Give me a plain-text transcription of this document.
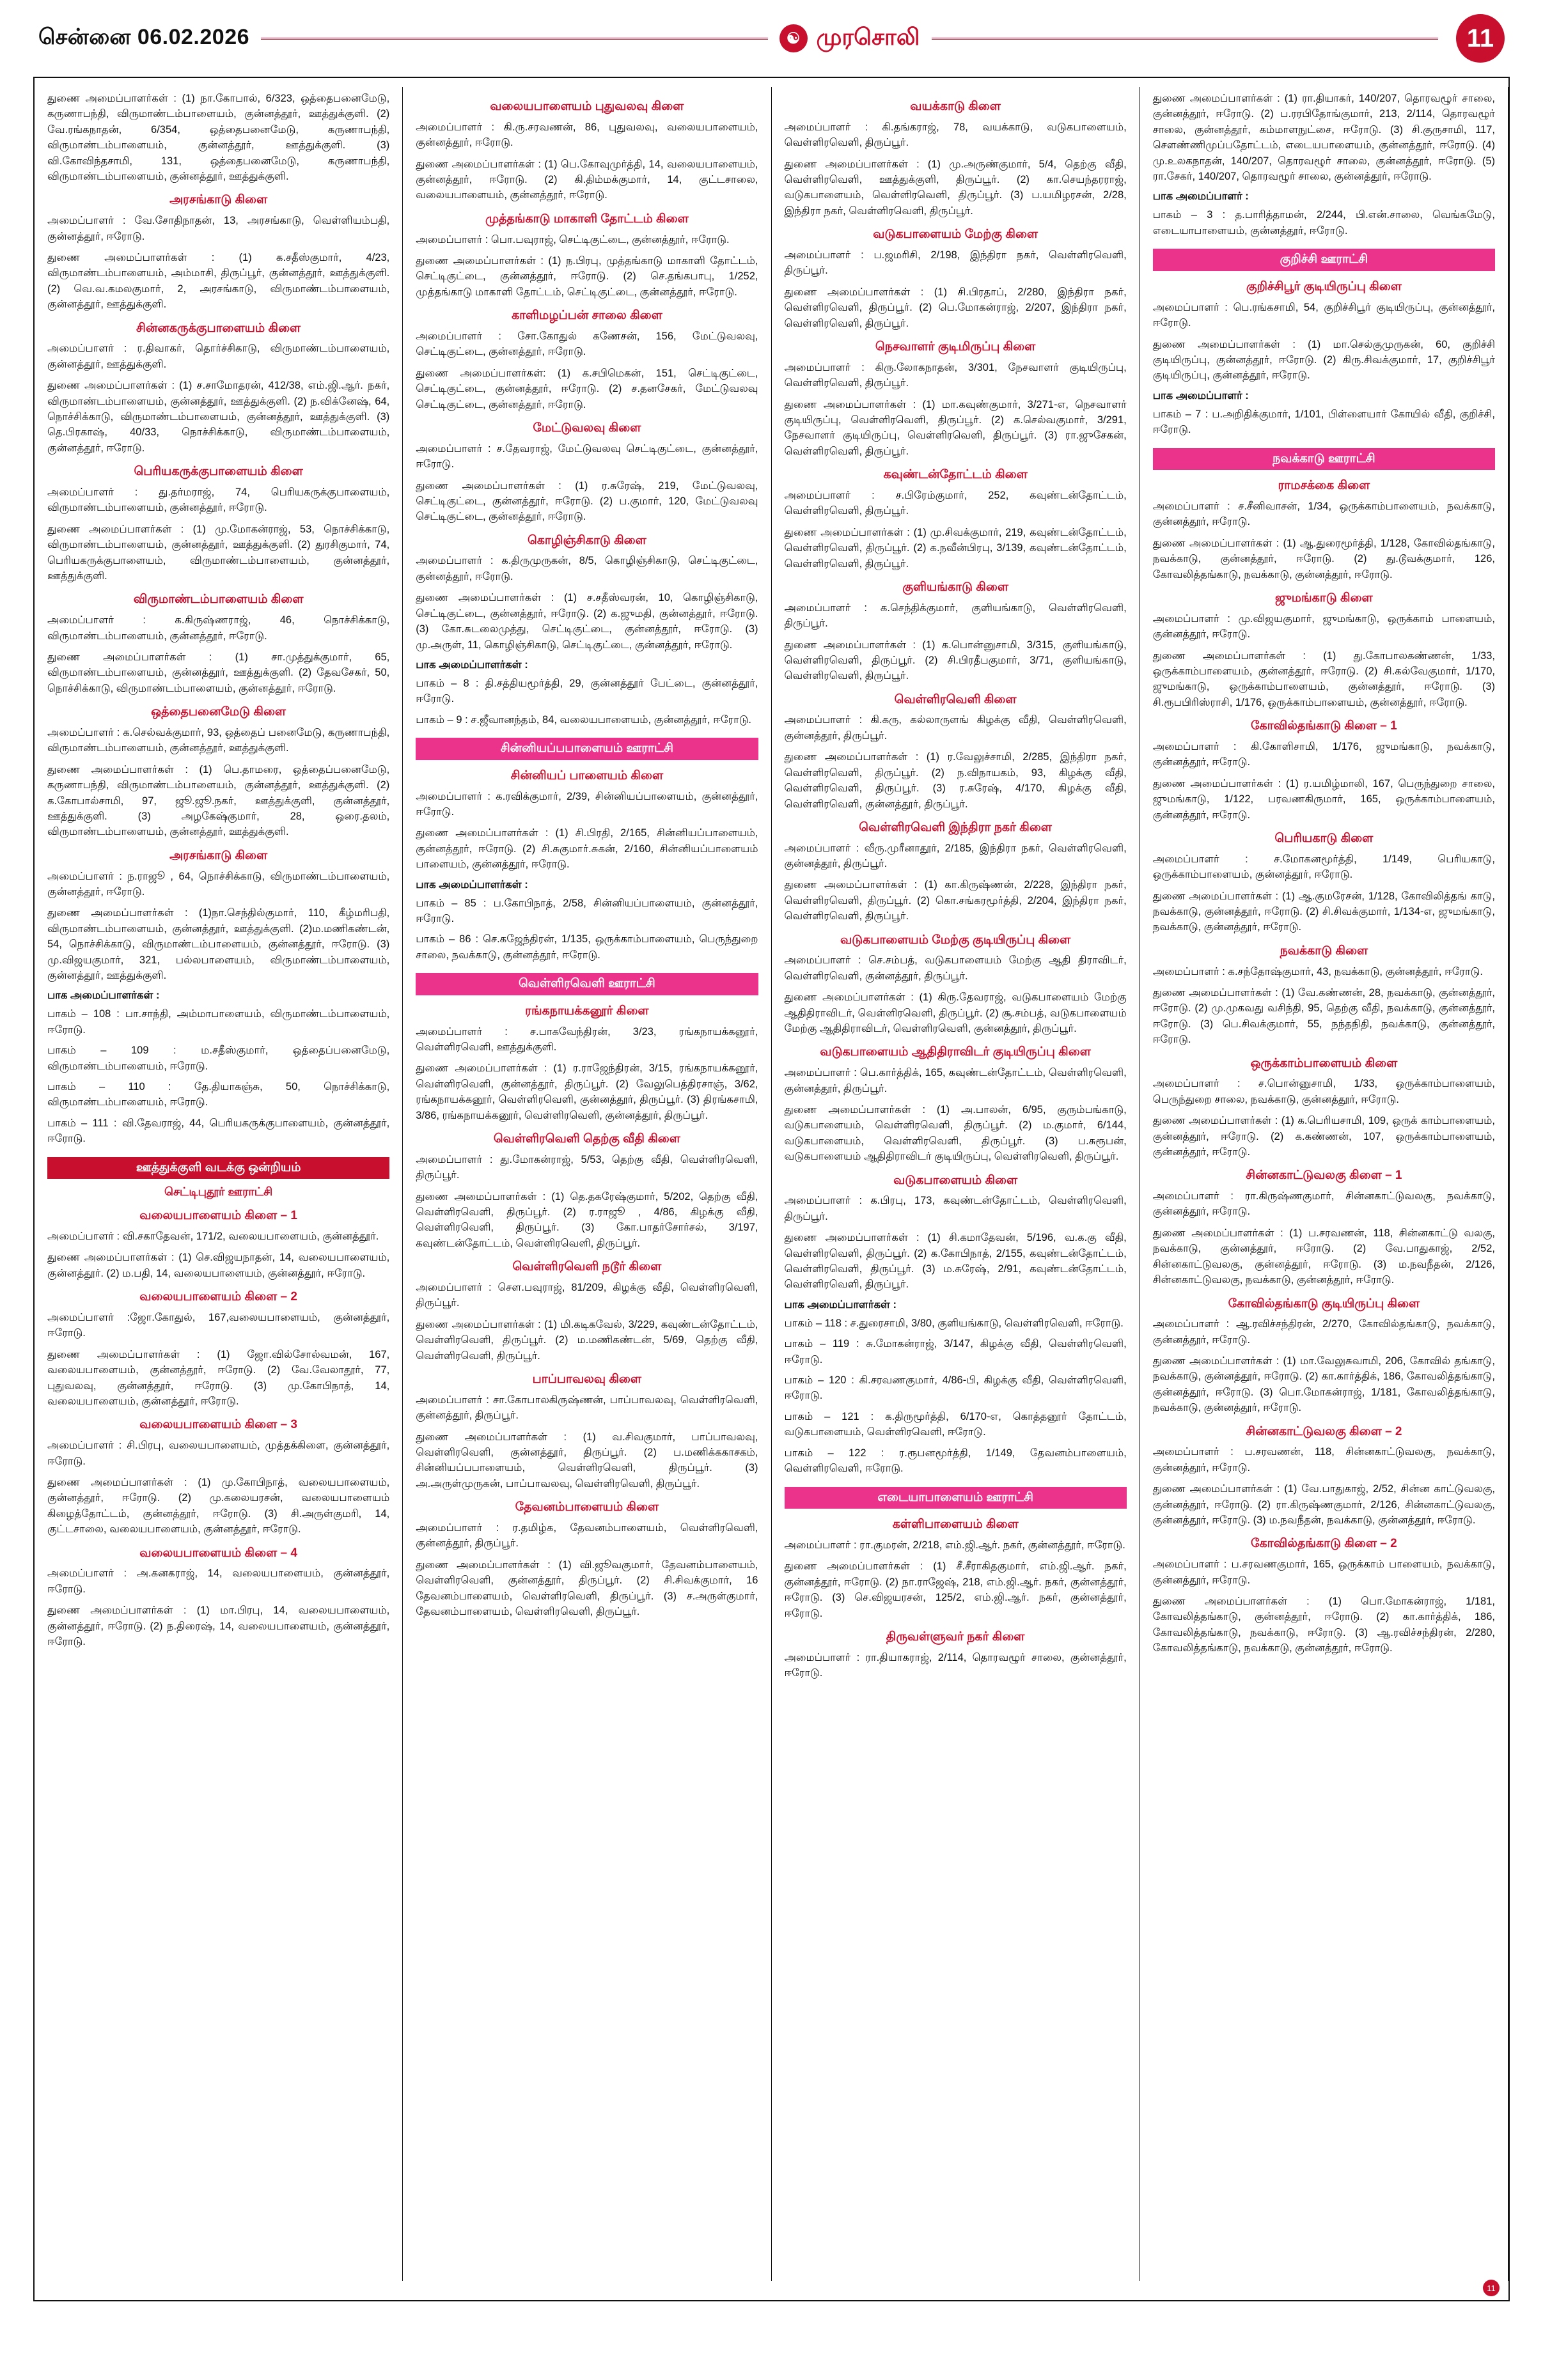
சென்னை 06.02.2026	☯ முரசொலி	11
துணை அமைப்பாளர்கள் : (1) நா.கோபால், 6/323, ஒத்தைபனைமேடு, கருணாபந்தி, விருமாண்டம்பாளையம், குன்னத்தூர், ஊத்துக்குளி. (2) வே.ரங்கநாதன், 6/354, ஒத்தைபனைமேடு, கருணாபந்தி, விருமாண்டம்பாளையம், குன்னத்தூர், ஊத்துக்குளி. (3) வி.கோவிந்தசாமி, 131, ஒத்தைபனைமேடு, கருணாபந்தி, விருமாண்டம்பாளையம், குன்னத்தூர், ஊத்துக்குளி.
அரசங்காடு கிளை
அமைப்பாளர் : வே.சோதிநாதன், 13, அரசங்காடு, வெள்ளியம்பதி, குன்னத்தூர், ஈரோடு.
துணை அமைப்பாளர்கள் : (1) க.சதீஸ்குமார், 4/23, விருமாண்டம்பாளையம், அம்மாசி, திருப்பூர், குன்னத்தூர், ஊத்துக்குளி. (2) வெ.வ.கமலகுமார், 2, அரசங்காடு, விருமாண்டம்பாளையம், குன்னத்தூர், ஊத்துக்குளி.
சின்னகருக்குபாளையம் கிளை
அமைப்பாளர் : ர.திவாகர், தொர்ச்சிகாடு, விருமாண்டம்பாளையம், குன்னத்தூர், ஊத்துக்குளி.
துணை அமைப்பாளர்கள் : (1) ச.சாமோதரன், 412/38, எம்.ஜி.ஆர். நகர், விருமாண்டம்பாளையம், குன்னத்தூர், ஊத்துக்குளி. (2) ந.விக்னேஷ், 64, நொச்சிக்காடு, விருமாண்டம்பாளையம், குன்னத்தூர், ஊத்துக்குளி. (3) தெ.பிரகாஷ், 40/33, நொச்சிக்காடு, விருமாண்டம்பாளையம், குன்னத்தூர், ஈரோடு.
பெரியகருக்குபாளையம் கிளை
அமைப்பாளர் : து.தர்மராஜ், 74, பெரியகருக்குபாளையம், விருமாண்டம்பாளையம், குன்னத்தூர், ஈரோடு.
துணை அமைப்பாளர்கள் : (1) மு.மோகன்ராஜ், 53, நொச்சிக்காடு, விருமாண்டம்பாளையம், குன்னத்தூர், ஊத்துக்குளி. (2) துரசிகுமார், 74, பெரியகருக்குபாளையம், விருமாண்டம்பாளையம், குன்னத்தூர், ஊத்துக்குளி.
விருமாண்டம்பாளையம் கிளை
அமைப்பாளர் : க.கிருஷ்ணராஜ், 46, நொச்சிக்காடு, விருமாண்டம்பாளையம், குன்னத்தூர், ஈரோடு.
துணை அமைப்பாளர்கள் : (1) சா.முத்துக்குமார், 65, விருமாண்டம்பாளையம், குன்னத்தூர், ஊத்துக்குளி. (2) தேவசேகர், 50, நொச்சிக்காடு, விருமாண்டம்பாளையம், குன்னத்தூர், ஈரோடு.
ஒத்தைபனைமேடு கிளை
அமைப்பாளர் : க.செல்வக்குமார், 93, ஒத்தைப் பனைமேடு, கருணாபந்தி, விருமாண்டம்பாளையம், குன்னத்தூர், ஊத்துக்குளி.
துணை அமைப்பாளர்கள் : (1) பெ.தாமரை, ஒத்தைப்பனைமேடு, கருணாபந்தி, விருமாண்டம்பாளையம், குன்னத்தூர், ஊத்துக்குளி. (2) க.கோபால்சாமி, 97, ஜூ.ஜூ.நகர், ஊத்துக்குளி, குன்னத்தூர், ஊத்துக்குளி. (3) அழகேஷ்குமார், 28, ஒரை.தலம், விருமாண்டம்பாளையம், குன்னத்தூர், ஊத்துக்குளி.
அரசங்காடு கிளை
அமைப்பாளர் : ந.ராஜூ , 64, நொச்சிக்காடு, விருமாண்டம்பாளையம், குன்னத்தூர், ஈரோடு.
துணை அமைப்பாளர்கள் : (1)நா.செந்தில்குமார், 110, கீழ்மரிபதி, விருமாண்டம்பாளையம், குன்னத்தூர், ஊத்துக்குளி. (2)ம.மணிகண்டன், 54, நொச்சிக்காடு, விருமாண்டம்பாளையம், குன்னத்தூர், ஈரோடு. (3) மு.விஜயகுமார், 321, பல்லபாளையம், விருமாண்டம்பாளையம், குன்னத்தூர், ஊத்துக்குளி.
பாக அமைப்பாளர்கள் :
பாகம் – 108 : பா.சாந்தி, அம்மாபாளையம், விருமாண்டம்பாளையம், ஈரோடு.
பாகம் – 109 : ம.சதீஸ்குமார், ஒத்தைப்பனைமேடு, விருமாண்டம்பாளையம், ஈரோடு.
பாகம் – 110 : தே.தியாகஞ்சு, 50, நொச்சிக்காடு, விருமாண்டம்பாளையம், ஈரோடு.
பாகம் – 111 : வி.தேவராஜ், 44, பெரியகருக்குபாளையம், குன்னத்தூர், ஈரோடு.
ஊத்துக்குளி வடக்கு ஒன்றியம்
செட்டிபுதூர் ஊராட்சி
வலையபாளையம் கிளை – 1
அமைப்பாளர் : வி.சகாதேவன், 171/2, வலையபாளையம், குன்னத்தூர்.
துணை அமைப்பாளர்கள் : (1) செ.விஜயநாதன், 14, வலையபாளையம், குன்னத்தூர். (2) ம.பதி, 14, வலையபாளையம், குன்னத்தூர், ஈரோடு.
வலையபாளையம் கிளை – 2
அமைப்பாளர் :ஜோ.கோதுல், 167,வலையபாளையம், குன்னத்தூர், ஈரோடு.
துணை அமைப்பாளர்கள் : (1) ஜோ.வில்சோல்வமன், 167, வலையபாளையம், குன்னத்தூர், ஈரோடு. (2) வே.வேலாதூர், 77, புதுவலவு, குன்னத்தூர், ஈரோடு. (3) மு.கோபிநாத், 14, வலையபாளையம், குன்னத்தூர், ஈரோடு.
வலையபாளையம் கிளை – 3
அமைப்பாளர் : சி.பிரபு, வலையபாளையம், முத்தக்கிளை, குன்னத்தூர், ஈரோடு.
துணை அமைப்பாளர்கள் : (1) மு.கோபிநாத், வலையபாளையம், குன்னத்தூர், ஈரோடு. (2) மு.கலையரசன், வலையபாளையம் கிழைத்தோட்டம், குன்னத்தூர், ஈரோடு. (3) சி.அருள்குமரி, 14, குட்டசாலை, வலையபாளையம், குன்னத்தூர், ஈரோடு.
வலையபாளையம் கிளை – 4
அமைப்பாளர் : அ.கனகராஜ், 14, வலையபாளையம், குன்னத்தூர், ஈரோடு.
துணை அமைப்பாளர்கள் : (1) மா.பிரபு, 14, வலையபாளையம், குன்னத்தூர், ஈரோடு. (2) ந.திரைஷ், 14, வலையபாளையம், குன்னத்தூர், ஈரோடு.
வலையபாளையம் புதுவலவு கிளை
அமைப்பாளர் : கி.ரு.சரவணன், 86, புதுவலவு, வலையபாளையம், குன்னத்தூர், ஈரோடு.
துணை அமைப்பாளர்கள் : (1) பெ.கோவுமுர்த்தி, 14, வலையபாளையம், குன்னத்தூர், ஈரோடு. (2) கி.திம்மக்குமார், 14, குட்டசாலை, வலையபாளையம், குன்னத்தூர், ஈரோடு.
முத்தங்காடு மாகாளி தோட்டம் கிளை
அமைப்பாளர் : பொ.பவுராஜ், செட்டிகுட்டை, குன்னத்தூர், ஈரோடு.
துணை அமைப்பாளர்கள் : (1) ந.பிரபு, முத்தங்காடு மாகாளி தோட்டம், செட்டிகுட்டை, குன்னத்தூர், ஈரோடு. (2) செ.தங்கபாபு, 1/252, முத்தங்காடு மாகாளி தோட்டம், செட்டிகுட்டை, குன்னத்தூர், ஈரோடு.
காளிமழப்பன் சாலை கிளை
அமைப்பாளர் : சோ.கோதுல் கணேசன், 156, மேட்டுவலவு, செட்டிகுட்டை, குன்னத்தூர், ஈரோடு.
துணை அமைப்பாளர்கள்: (1) க.சபிமெகன், 151, செட்டிகுட்டை, செட்டிகுட்டை, குன்னத்தூர், ஈரோடு. (2) ச.தனசேகர், மேட்டுவலவு செட்டிகுட்டை, குன்னத்தூர், ஈரோடு.
மேட்டுவலவு கிளை
அமைப்பாளர் : ச.தேவராஜ், மேட்டுவலவு செட்டிகுட்டை, குன்னத்தூர், ஈரோடு.
துணை அமைப்பாளர்கள் : (1) ர.சுரேஷ், 219, மேட்டுவலவு, செட்டிகுட்டை, குன்னத்தூர், ஈரோடு. (2) ப.குமார், 120, மேட்டுவலவு செட்டிகுட்டை, குன்னத்தூர், ஈரோடு.
கொழிஞ்சிகாடு கிளை
அமைப்பாளர் : க.திருமுருகன், 8/5, கொழிஞ்சிகாடு, செட்டிகுட்டை, குன்னத்தூர், ஈரோடு.
துணை அமைப்பாளர்கள் : (1) ச.சதீஸ்வரன், 10, கொழிஞ்சிகாடு, செட்டிகுட்டை, குன்னத்தூர், ஈரோடு. (2) க.ஜுமதி, குன்னத்தூர், ஈரோடு. (3) கோ.சுடலைமுத்து, செட்டிகுட்டை, குன்னத்தூர், ஈரோடு. (3) மு.அருள், 11, கொழிஞ்சிகாடு, செட்டிகுட்டை, குன்னத்தூர், ஈரோடு.
பாக அமைப்பாளர்கள் :
பாகம் – 8 : தி.சத்தியமூர்த்தி, 29, குன்னத்தூர் பேட்டை, குன்னத்தூர், ஈரோடு.
பாகம் – 9 : ச.ஜீவானந்தம், 84, வலையபாளையம், குன்னத்தூர், ஈரோடு.
சின்னியப்பபாளையம் ஊராட்சி
சின்னியப் பாளையம் கிளை
அமைப்பாளர் : க.ரவிக்குமார், 2/39, சின்னியப்பாளையம், குன்னத்தூர், ஈரோடு.
துணை அமைப்பாளர்கள் : (1) சி.பிரதி, 2/165, சின்னியப்பாளையம், குன்னத்தூர், ஈரோடு. (2) சி.சுகுமார்.சுகன், 2/160, சின்னியப்பாளையம் பாளையம், குன்னத்தூர், ஈரோடு.
பாக அமைப்பாளர்கள் :
பாகம் – 85 : ப.கோபிநாத், 2/58, சின்னியப்பாளையம், குன்னத்தூர், ஈரோடு.
பாகம் – 86 : செ.கஜேந்திரன், 1/135, ஒருக்காம்பாளையம், பெருந்துறை சாலை, நவக்காடு, குன்னத்தூர், ஈரோடு.
வெள்ளிரவெளி ஊராட்சி
ரங்கநாயக்கனூர் கிளை
அமைப்பாளர் : ச.பாகவேந்திரன், 3/23, ரங்கநாயக்கனூர், வெள்ளிரவெளி, ஊத்துக்குளி.
துணை அமைப்பாளர்கள் : (1) ர.ராஜேந்திரன், 3/15, ரங்கநாயக்கனூர், வெள்ளிரவெளி, குன்னத்தூர், திருப்பூர். (2) வேலுபெத்திரசாஞ், 3/62, ரங்கநாயக்கனூர், வெள்ளிரவெளி, குன்னத்தூர், திருப்பூர். (3) திரங்கசாமி, 3/86, ரங்கநாயக்கனூர், வெள்ளிரவெளி, குன்னத்தூர், திருப்பூர்.
வெள்ளிரவெளி தெற்கு வீதி கிளை
அமைப்பாளர் : து.மோகன்ராஜ், 5/53, தெற்கு வீதி, வெள்ளிரவெளி, திருப்பூர்.
துணை அமைப்பாளர்கள் : (1) தெ.தகரேஷ்குமார், 5/202, தெற்கு வீதி, வெள்ளிரவெளி, திருப்பூர். (2) ர.ராஜூ , 4/86, கிழக்கு வீதி, வெள்ளிரவெளி, திருப்பூர். (3) கோ.பாதர்சோர்சல், 3/197, கவுண்டன்தோட்டம், வெள்ளிரவெளி, திருப்பூர்.
வெள்ளிரவெளி நடூர் கிளை
அமைப்பாளர் : சௌ.பவுராஜ், 81/209, கிழக்கு வீதி, வெள்ளிரவெளி, திருப்பூர்.
துணை அமைப்பாளர்கள் : (1) மி.கடிகவேல், 3/229, கவுண்டன்தோட்டம், வெள்ளிரவெளி, திருப்பூர். (2) ம.மணிகண்டன், 5/69, தெற்கு வீதி, வெள்ளிரவெளி, திருப்பூர்.
பாப்பாவலவு கிளை
அமைப்பாளர் : சா.கோபாலகிருஷ்ணன், பாப்பாவலவு, வெள்ளிரவெளி, குன்னத்தூர், திருப்பூர்.
துணை அமைப்பாளர்கள் : (1) வ.சிவகுமார், பாப்பாவலவு, வெள்ளிரவெளி, குன்னத்தூர், திருப்பூர். (2) ப.மணிக்ககாசகம், சின்னியப்பபாளையம், வெள்ளிரவெளி, திருப்பூர். (3) அ.அருள்முருகன், பாப்பாவலவு, வெள்ளிரவெளி, திருப்பூர்.
தேவனம்பாளையம் கிளை
அமைப்பாளர் : ர.தமிழ்க, தேவனம்பாளையம், வெள்ளிரவெளி, குன்னத்தூர், திருப்பூர்.
துணை அமைப்பாளர்கள் : (1) வி.ஜூவகுமார், தேவனம்பாளையம், வெள்ளிரவெளி, குன்னத்தூர், திருப்பூர். (2) சி.சிவக்குமார், 16 தேவனம்பாளையம், வெள்ளிரவெளி, திருப்பூர். (3) ச.அருள்குமார், தேவனம்பாளையம், வெள்ளிரவெளி, திருப்பூர்.
வயக்காடு கிளை
அமைப்பாளர் : கி.தங்கராஜ், 78, வயக்காடு, வடுகபாளையம், வெள்ளிரவெளி, திருப்பூர்.
துணை அமைப்பாளர்கள் : (1) மு.அருண்குமார், 5/4, தெற்கு வீதி, வெள்ளிரவெளி, ஊத்துக்குளி, திருப்பூர். (2) கா.செயந்தரராஜ், வடுகபாளையம், வெள்ளிரவெளி, திருப்பூர். (3) ப.யமிழரசன், 2/28, இந்திரா நகர், வெள்ளிரவெளி, திருப்பூர்.
வடுகபாளையம் மேற்கு கிளை
அமைப்பாளர் : ப.ஜமரிசி, 2/198, இந்திரா நகர், வெள்ளிரவெளி, திருப்பூர்.
துணை அமைப்பாளர்கள் : (1) சி.பிரதாப், 2/280, இந்திரா நகர், வெள்ளிரவெளி, திருப்பூர். (2) பெ.மோகன்ராஜ், 2/207, இந்திரா நகர், வெள்ளிரவெளி, திருப்பூர்.
நெசவாளர் குடிமிருப்பு கிளை
அமைப்பாளர் : கிரு.லோகநாதன், 3/301, நேசவாளர் குடியிருப்பு, வெள்ளிரவெளி, திருப்பூர்.
துணை அமைப்பாளர்கள் : (1) மா.கவுண்குமார், 3/271-எ, நெசவாளர் குடியிருப்பு, வெள்ளிரவெளி, திருப்பூர். (2) க.செல்வகுமார், 3/291, நேசவாளர் குடியிருப்பு, வெள்ளிரவெளி, திருப்பூர். (3) ரா.ஜுசேகன், வெள்ளிரவெளி, திருப்பூர்.
கவுண்டன்தோட்டம் கிளை
அமைப்பாளர் : ச.பிரேம்குமார், 252, கவுண்டன்தோட்டம், வெள்ளிரவெளி, திருப்பூர்.
துணை அமைப்பாளர்கள் : (1) மு.சிவக்குமார், 219, கவுண்டன்தோட்டம், வெள்ளிரவெளி, திருப்பூர். (2) க.நவீன்பிரபு, 3/139, கவுண்டன்தோட்டம், வெள்ளிரவெளி, திருப்பூர்.
குளியங்காடு கிளை
அமைப்பாளர் : க.செந்திக்குமார், குளியங்காடு, வெள்ளிரவெளி, திருப்பூர்.
துணை அமைப்பாளர்கள் : (1) க.பொன்னுசாமி, 3/315, குளியங்காடு, வெள்ளிரவெளி, திருப்பூர். (2) சி.பிரதீபகுமார், 3/71, குளியங்காடு, வெள்ளிரவெளி, திருப்பூர்.
வெள்ளிரவெளி கிளை
அமைப்பாளர் : கி.கரு, கல்லாருளங் கிழக்கு வீதி, வெள்ளிரவெளி, குன்னத்தூர், திருப்பூர்.
துணை அமைப்பாளர்கள் : (1) ர.வேலுச்சாமி, 2/285, இந்திரா நகர், வெள்ளிரவெளி, திருப்பூர். (2) ந.விநாயகம், 93, கிழக்கு வீதி, வெள்ளிரவெளி, திருப்பூர். (3) ர.சுரேஷ், 4/170, கிழக்கு வீதி, வெள்ளிரவெளி, குன்னத்தூர், திருப்பூர்.
வெள்ளிரவெளி இந்திரா நகர் கிளை
அமைப்பாளர் : வீரு.முரீனாதூர், 2/185, இந்திரா நகர், வெள்ளிரவெளி, குன்னத்தூர், திருப்பூர்.
துணை அமைப்பாளர்கள் : (1) கா.கிருஷ்ணன், 2/228, இந்திரா நகர், வெள்ளிரவெளி, திருப்பூர். (2) கொ.சங்கரமூர்த்தி, 2/204, இந்திரா நகர், வெள்ளிரவெளி, திருப்பூர்.
வடுகபாளையம் மேற்கு குடியிருப்பு கிளை
அமைப்பாளர் : செ.சம்பத், வடுகபாளையம் மேற்கு ஆதி திராவிடர், வெள்ளிரவெளி, குன்னத்தூர், திருப்பூர்.
துணை அமைப்பாளர்கள் : (1) கிரு.தேவராஜ், வடுகபாளையம் மேற்கு ஆதிதிராவிடர், வெள்ளிரவெளி, திருப்பூர். (2) சூ.சம்பத், வடுகபாளையம் மேற்கு ஆதிதிராவிடர், வெள்ளிரவெளி, குன்னத்தூர், திருப்பூர்.
வடுகபாளையம் ஆதிதிராவிடர் குடியிருப்பு கிளை
அமைப்பாளர் : பெ.கார்த்திக், 165, கவுண்டன்தோட்டம், வெள்ளிரவெளி, குன்னத்தூர், திருப்பூர்.
துணை அமைப்பாளர்கள் : (1) அ.பாலன், 6/95, குரும்பங்காடு, வடுகபாளையம், வெள்ளிரவெளி, திருப்பூர். (2) ம.குமார், 6/144, வடுகபாளையம், வெள்ளிரவெளி, திருப்பூர். (3) ப.சுரூபன், வடுகபாளையம் ஆதிதிராவிடர் குடியிருப்பு, வெள்ளிரவெளி, திருப்பூர்.
வடுகபாளையம் கிளை
அமைப்பாளர் : க.பிரபு, 173, கவுண்டன்தோட்டம், வெள்ளிரவெளி, திருப்பூர்.
துணை அமைப்பாளர்கள் : (1) சி.கமாதேவன், 5/196, வ.க.கு வீதி, வெள்ளிரவெளி, திருப்பூர். (2) க.கோபிநாத், 2/155, கவுண்டன்தோட்டம், வெள்ளிரவெளி, திருப்பூர். (3) ம.சுரேஷ், 2/91, கவுண்டன்தோட்டம், வெள்ளிரவெளி, திருப்பூர்.
பாக அமைப்பாளர்கள் :
பாகம் – 118 : ச.துரைசாமி, 3/80, குளியங்காடு, வெள்ளிரவெளி, ஈரோடு.
பாகம் – 119 : சு.மோகன்ராஜ், 3/147, கிழக்கு வீதி, வெள்ளிரவெளி, ஈரோடு.
பாகம் – 120 : கி.சரவணகுமார், 4/86-பி, கிழக்கு வீதி, வெள்ளிரவெளி, ஈரோடு.
பாகம் – 121 : க.திருமூர்த்தி, 6/170-எ, கொத்தனூர் தோட்டம், வடுகபாளையம், வெள்ளிரவெளி, ஈரோடு.
பாகம் – 122 : ர.ரூபனமூர்த்தி, 1/149, தேவனம்பாளையம், வெள்ளிரவெளி, ஈரோடு.
எடையாபாளையம் ஊராட்சி
கள்ளிபாளையம் கிளை
அமைப்பாளர் : ரா.குமரன், 2/218, எம்.ஜி.ஆர். நகர், குன்னத்தூர், ஈரோடு.
துணை அமைப்பாளர்கள் : (1) சீ.சீராகிதகுமார், எம்.ஜி.ஆர். நகர், குன்னத்தூர், ஈரோடு. (2) நா.ராஜேஷ், 218, எம்.ஜி.ஆர். நகர், குன்னத்தூர், ஈரோடு. (3) செ.விஜயரசன், 125/2, எம்.ஜி.ஆர். நகர், குன்னத்தூர், ஈரோடு.
திருவள்ளுவர் நகர் கிளை
அமைப்பாளர் : ரா.தியாகராஜ், 2/114, தொரவழூர் சாலை, குன்னத்தூர், ஈரோடு.
துணை அமைப்பாளர்கள் : (1) ரா.தியாகர், 140/207, தொரவழூர் சாலை, குன்னத்தூர், ஈரோடு. (2) ப.ரரபிதோங்குமார், 213, 2/114, தொரவழூர் சாலை, குன்னத்தூர், கம்மாளநுட்சை, ஈரோடு. (3) சி.குருசாமி, 117, சௌண்ணிமுப்பதோட்டம், எடையபாளையம், குன்னத்தூர், ஈரோடு. (4) மு.உலகநாதன், 140/207, தொரவழூர் சாலை, குன்னத்தூர், ஈரோடு. (5) ரா.சேகர், 140/207, தொரவழூர் சாலை, குன்னத்தூர், ஈரோடு.
பாக அமைப்பாளர் :
பாகம் – 3 : த.பாரித்தாமன், 2/244, பி.என்.சாலை, வெங்கமேடு, எடையாபாளையம், குன்னத்தூர், ஈரோடு.
குறிச்சி ஊராட்சி
குறிச்சிபூர் குடியிருப்பு கிளை
அமைப்பாளர் : பெ.ரங்கசாமி, 54, குறிச்சிபூர் குடியிருப்பு, குன்னத்தூர், ஈரோடு.
துணை அமைப்பாளர்கள் : (1) மா.செல்குமுருகன், 60, குறிச்சி குடியிருப்பு, குன்னத்தூர், ஈரோடு. (2) கிரு.சிவக்குமார், 17, குறிச்சிபூர் குடியிருப்பு, குன்னத்தூர், ஈரோடு.
பாக அமைப்பாளர் :
பாகம் – 7 : ப.அறிதிக்குமார், 1/101, பிள்ளையார் கோயில் வீதி, குறிச்சி, ஈரோடு.
நவக்காடு ஊராட்சி
ராமசக்கை கிளை
அமைப்பாளர் : ச.சீனிவாசன், 1/34, ஒருக்காம்பாளையம், நவக்காடு, குன்னத்தூர், ஈரோடு.
துணை அமைப்பாளர்கள் : (1) ஆ.துரைமூர்த்தி, 1/128, கோவில்தங்காடு, நவக்காடு, குன்னத்தூர், ஈரோடு. (2) து.டூவக்குமார், 126, கோவலித்தங்காடு, நவக்காடு, குன்னத்தூர், ஈரோடு.
ஜுமங்காடு கிளை
அமைப்பாளர் : மு.விஜயகுமார், ஜுமங்காடு, ஒருக்காம் பாளையம், குன்னத்தூர், ஈரோடு.
துணை அமைப்பாளர்கள் : (1) து.கோபாலகண்ணன், 1/33, ஒருக்காம்பாளையம், குன்னத்தூர், ஈரோடு. (2) சி.கல்வேகுமார், 1/170, ஜுமங்காடு, ஒருக்காம்பாளையம், குன்னத்தூர், ஈரோடு. (3) சி.ரூபபிரிஸ்ராசி, 1/176, ஒருக்காம்பாளையம், குன்னத்தூர், ஈரோடு.
கோவில்தங்காடு கிளை – 1
அமைப்பாளர் : கி.கோளிசாமி, 1/176, ஜுமங்காடு, நவக்காடு, குன்னத்தூர், ஈரோடு.
துணை அமைப்பாளர்கள் : (1) ர.யமிழ்மாலி, 167, பெருந்துறை சாலை, ஜுமங்காடு, 1/122, பரவணகிருமார், 165, ஒருக்காம்பாளையம், குன்னத்தூர், ஈரோடு.
பெரியகாடு கிளை
அமைப்பாளர் : ச.மோகனமூர்த்தி, 1/149, பெரியகாடு, ஒருக்காம்பாளையம், குன்னத்தூர், ஈரோடு.
துணை அமைப்பாளர்கள் : (1) ஆ.குமரேசன், 1/128, கோவிலித்தங் காடு, நவக்காடு, குன்னத்தூர், ஈரோடு. (2) சி.சிவக்குமார், 1/134-எ, ஜுமங்காடு, நவக்காடு, குன்னத்தூர், ஈரோடு.
நவக்காடு கிளை
அமைப்பாளர் : க.சந்தோஷ்குமார், 43, நவக்காடு, குன்னத்தூர், ஈரோடு.
துணை அமைப்பாளர்கள் : (1) வே.கண்ணன், 28, நவக்காடு, குன்னத்தூர், ஈரோடு. (2) மு.முகவது வசிந்தி, 95, தெற்கு வீதி, நவக்காடு, குன்னத்தூர், ஈரோடு. (3) பெ.சிவக்குமார், 55, நந்தநிதி, நவக்காடு, குன்னத்தூர், ஈரோடு.
ஒருக்காம்பாளையம் கிளை
அமைப்பாளர் : ச.பொன்னுசாமி, 1/33, ஒருக்காம்பாளையம், பெருந்துறை சாலை, நவக்காடு, குன்னத்தூர், ஈரோடு.
துணை அமைப்பாளர்கள் : (1) க.பெரியசாமி, 109, ஒருக் காம்பாளையம், குன்னத்தூர், ஈரோடு. (2) க.கண்ணன், 107, ஒருக்காம்பாளையம், குன்னத்தூர், ஈரோடு.
சின்னகாட்டுவலகு கிளை – 1
அமைப்பாளர் : ரா.கிருஷ்ணகுமார், சின்னகாட்டுவலகு, நவக்காடு, குன்னத்தூர், ஈரோடு.
துணை அமைப்பாளர்கள் : (1) ப.சரவணன், 118, சின்னகாட்டு வலகு, நவக்காடு, குன்னத்தூர், ஈரோடு. (2) வே.பாதுகாஜ், 2/52, சின்னகாட்டுவலகு, குன்னத்தூர், ஈரோடு. (3) ம.நவநீதன், 2/126, சின்னகாட்டுவலகு, நவக்காடு, குன்னத்தூர், ஈரோடு.
கோவில்தங்காடு குடியிருப்பு கிளை
அமைப்பாளர் : ஆ.ரவிச்சந்திரன், 2/270, கோவில்தங்காடு, நவக்காடு, குன்னத்தூர், ஈரோடு.
துணை அமைப்பாளர்கள் : (1) மா.வேலுசுவாமி, 206, கோவில் தங்காடு, நவக்காடு, குன்னத்தூர், ஈரோடு. (2) கா.கார்த்திக், 186, கோவலித்தங்காடு, குன்னத்தூர், ஈரோடு. (3) பொ.மோகன்ராஜ், 1/181, கோவலித்தங்காடு, நவக்காடு, குன்னத்தூர், ஈரோடு.
சின்னகாட்டுவலகு கிளை – 2
அமைப்பாளர் : ப.சரவணன், 118, சின்னகாட்டுவலகு, நவக்காடு, குன்னத்தூர், ஈரோடு.
துணை அமைப்பாளர்கள் : (1) வே.பாதுகாஜ், 2/52, சின்ன காட்டுவலகு, குன்னத்தூர், ஈரோடு. (2) ரா.கிருஷ்ணகுமார், 2/126, சின்னகாட்டுவலகு, குன்னத்தூர், ஈரோடு. (3) ம.நவநீதன், நவக்காடு, குன்னத்தூர், ஈரோடு.
கோவில்தங்காடு கிளை – 2
அமைப்பாளர் : ப.சரவணகுமார், 165, ஒருக்காம் பாளையம், நவக்காடு, குன்னத்தூர், ஈரோடு.
துணை அமைப்பாளர்கள் : (1) பொ.மோகன்ராஜ், 1/181, கோவலித்தங்காடு, குன்னத்தூர், ஈரோடு. (2) கா.கார்த்திக், 186, கோவலித்தங்காடு, நவக்காடு, ஈரோடு. (3) ஆ.ரவிச்சந்திரன், 2/280, கோவலித்தங்காடு, நவக்காடு, குன்னத்தூர், ஈரோடு.
11
